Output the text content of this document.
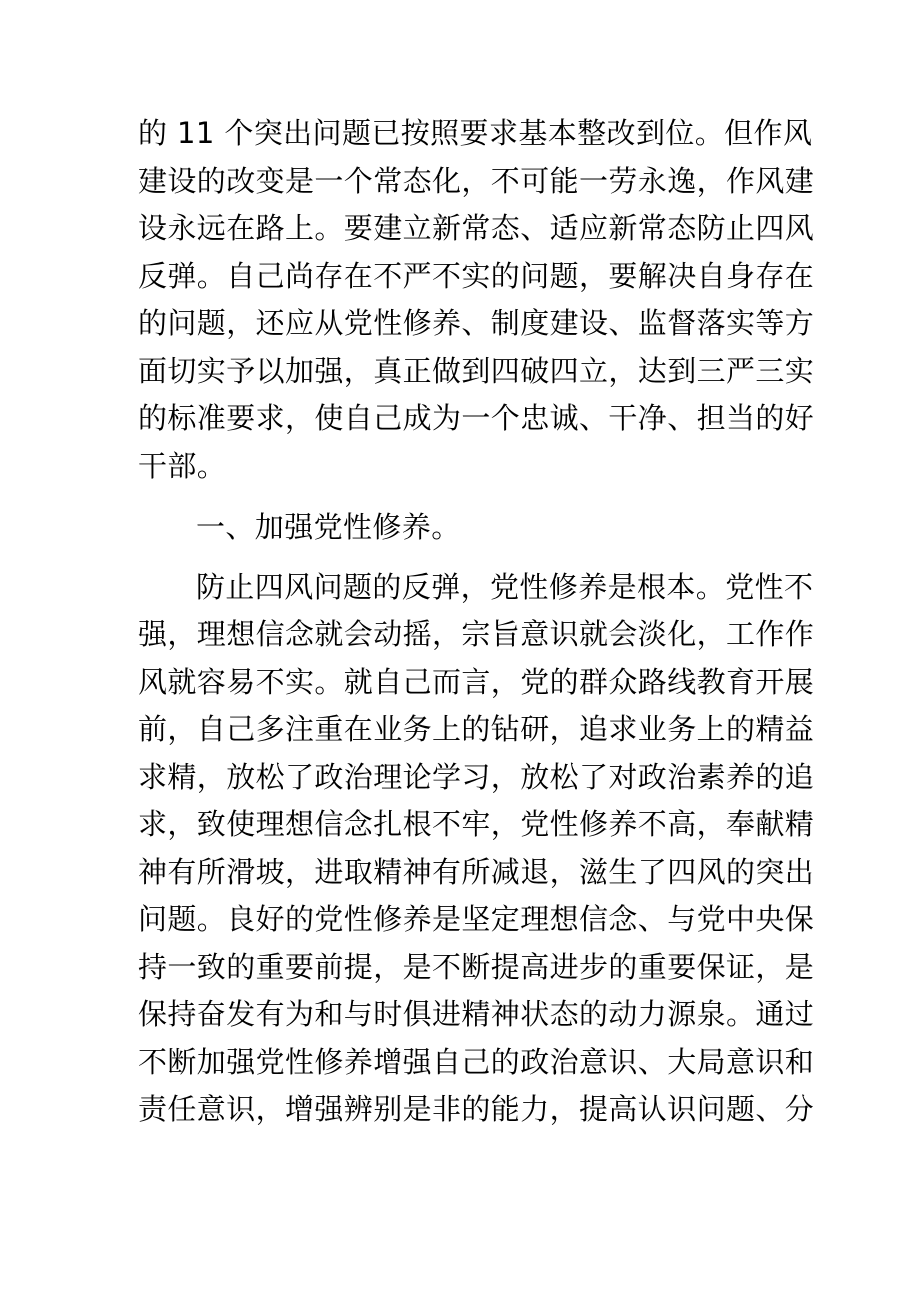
的 11 个突出问题已按照要求基本整改到位。但作风
建设的改变是一个常态化，不可能一劳永逸，作风建
设永远在路上。要建立新常态、适应新常态防止四风
反弹。自己尚存在不严不实的问题，要解决自身存在
的问题，还应从党性修养、制度建设、监督落实等方
面切实予以加强，真正做到四破四立，达到三严三实
的标准要求，使自己成为一个忠诚、干净、担当的好
干部。
一、加强党性修养。
防止四风问题的反弹，党性修养是根本。党性不
强，理想信念就会动摇，宗旨意识就会淡化，工作作
风就容易不实。就自己而言，党的群众路线教育开展
前，自己多注重在业务上的钻研，追求业务上的精益
求精，放松了政治理论学习，放松了对政治素养的追
求，致使理想信念扎根不牢，党性修养不高，奉献精
神有所滑坡，进取精神有所减退，滋生了四风的突出
问题。良好的党性修养是坚定理想信念、与党中央保
持一致的重要前提，是不断提高进步的重要保证，是
保持奋发有为和与时俱进精神状态的动力源泉。通过
不断加强党性修养增强自己的政治意识、大局意识和
责任意识，增强辨别是非的能力，提高认识问题、分
